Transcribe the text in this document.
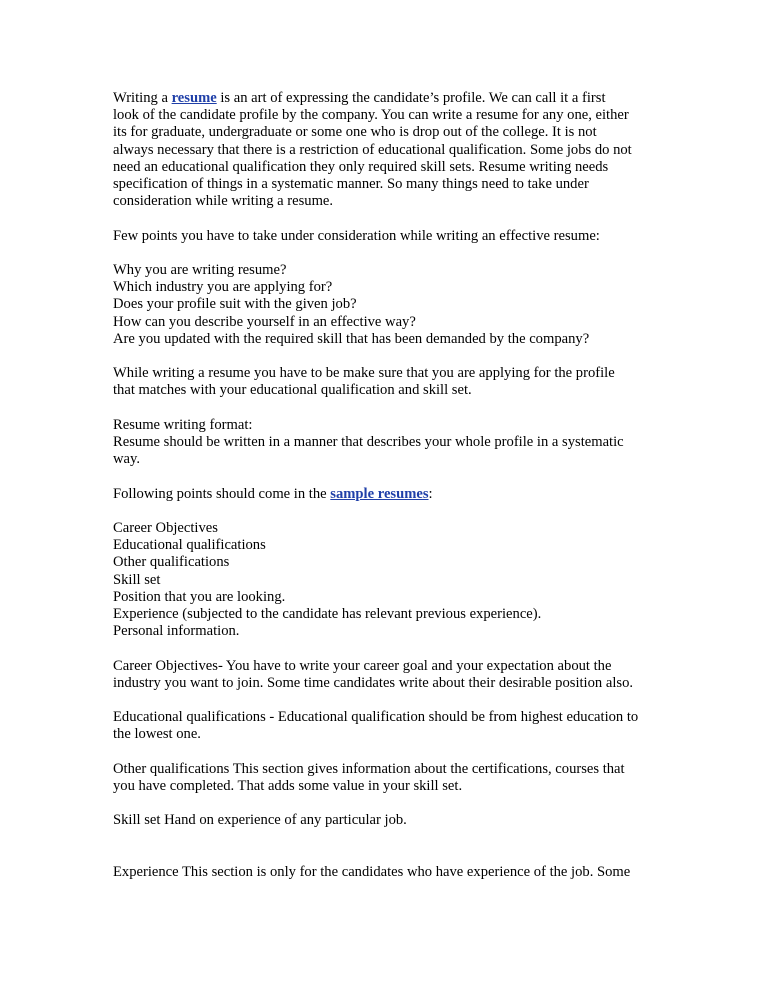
Writing a resume is an art of expressing the candidate’s profile. We can call it a first
look of the candidate profile by the company. You can write a resume for any one, either
its for graduate, undergraduate or some one who is drop out of the college. It is not
always necessary that there is a restriction of educational qualification. Some jobs do not
need an educational qualification they only required skill sets. Resume writing needs
specification of things in a systematic manner. So many things need to take under
consideration while writing a resume.
Few points you have to take under consideration while writing an effective resume:
Why you are writing resume?
Which industry you are applying for?
Does your profile suit with the given job?
How can you describe yourself in an effective way?
Are you updated with the required skill that has been demanded by the company?
While writing a resume you have to be make sure that you are applying for the profile
that matches with your educational qualification and skill set.
Resume writing format:
Resume should be written in a manner that describes your whole profile in a systematic
way.
Following points should come in the sample resumes:
Career Objectives
Educational qualifications
Other qualifications
Skill set
Position that you are looking.
Experience (subjected to the candidate has relevant previous experience).
Personal information.
Career Objectives- You have to write your career goal and your expectation about the
industry you want to join. Some time candidates write about their desirable position also.
Educational qualifications - Educational qualification should be from highest education to
the lowest one.
Other qualifications This section gives information about the certifications, courses that
you have completed. That adds some value in your skill set.
Skill set Hand on experience of any particular job.
Experience This section is only for the candidates who have experience of the job. Some
